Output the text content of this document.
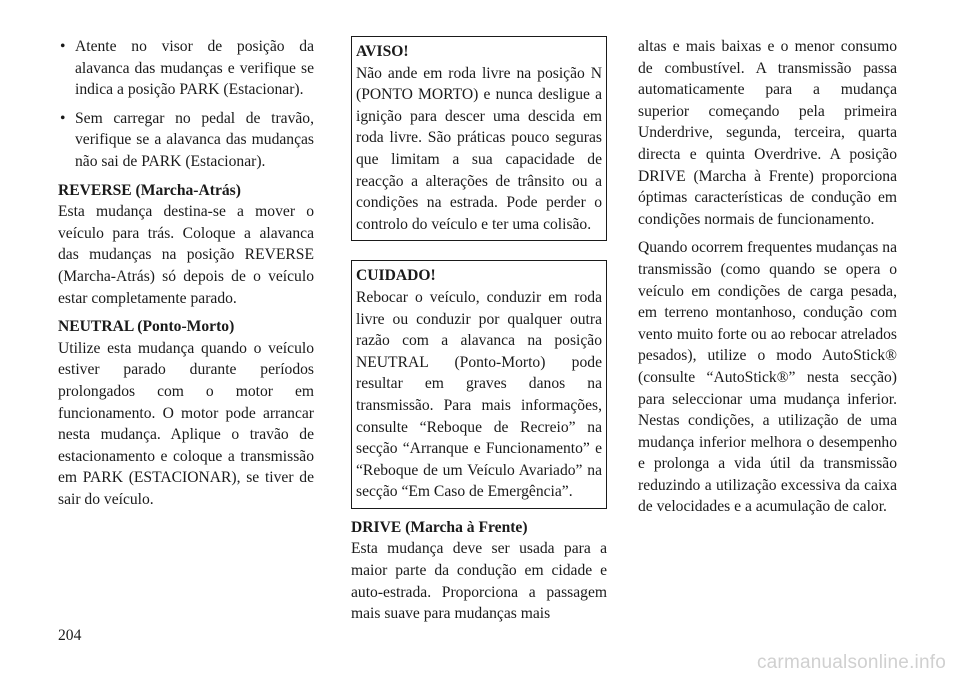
• Atente no visor de posição da alavanca das mudanças e verifique se indica a posição PARK (Estacionar).
• Sem carregar no pedal de travão, verifique se a alavanca das mudanças não sai de PARK (Estacionar).
REVERSE (Marcha-Atrás)

Esta mudança destina-se a mover o veículo para trás. Coloque a alavanca das mudanças na posição REVERSE (Marcha-Atrás) só depois de o veículo estar completamente parado.

NEUTRAL (Ponto-Morto)

Utilize esta mudança quando o veículo estiver parado durante períodos prolongados com o motor em funcionamento. O motor pode arrancar nesta mudança. Aplique o travão de estacionamento e coloque a transmissão em PARK (ESTACIONAR), se tiver de sair do veículo.

AVISO!

Não ande em roda livre na posição N (PONTO MORTO) e nunca desligue a ignição para descer uma descida em roda livre. São práticas pouco seguras que limitam a sua capacidade de reacção a alterações de trânsito ou a condições na estrada. Pode perder o controlo do veículo e ter uma colisão.

CUIDADO!

Rebocar o veículo, conduzir em roda livre ou conduzir por qualquer outra razão com a alavanca na posição NEUTRAL (Ponto-Morto) pode resultar em graves danos na transmissão. Para mais informações, consulte “Reboque de Recreio” na secção “Arranque e Funcionamento” e “Reboque de um Veículo Avariado” na secção “Em Caso de Emergência”.

DRIVE (Marcha à Frente)

Esta mudança deve ser usada para a maior parte da condução em cidade e auto-estrada. Proporciona a passagem mais suave para mudanças mais

altas e mais baixas e o menor consumo de combustível. A transmissão passa automaticamente para a mudança superior começando pela primeira Underdrive, segunda, terceira, quarta directa e quinta Overdrive. A posição DRIVE (Marcha à Frente) proporciona óptimas características de condução em condições normais de funcionamento.

Quando ocorrem frequentes mudanças na transmissão (como quando se opera o veículo em condições de carga pesada, em terreno montanhoso, condução com vento muito forte ou ao rebocar atrelados pesados), utilize o modo AutoStick® (consulte “AutoStick®” nesta secção) para seleccionar uma mudança inferior. Nestas condições, a utilização de uma mudança inferior melhora o desempenho e prolonga a vida útil da transmissão reduzindo a utilização excessiva da caixa de velocidades e a acumulação de calor.

204
carmanualsonline.info
